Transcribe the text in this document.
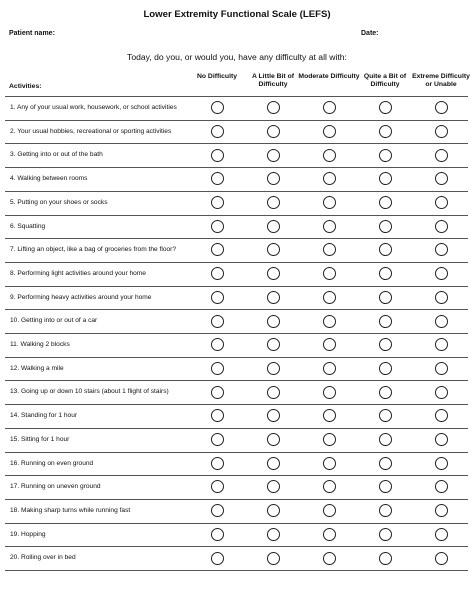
Lower Extremity Functional Scale (LEFS)
Patient name:	Date:
Today, do you, or would you, have any difficulty at all with:
No Difficulty	A Little Bit of Difficulty
Moderate Difficulty Quite a Bit of Difficulty
Extreme Difficulty or Unable
Activities:
1. Any of your usual work, housework, or school activities
2. Your usual hobbies, recreational or sporting activities
3. Getting into or out of the bath
4. Walking between rooms
5. Putting on your shoes or socks
6. Squatting
7. Lifting an object, like a bag of groceries from the floor?
8. Performing light activities around your home
9. Performing heavy activities around your home
10. Getting into or out of a car
11. Walking 2 blocks
12. Walking a mile
13. Going up or down 10 stairs (about 1 flight of stairs)
14. Standing for 1 hour
15. Sitting for 1 hour
16. Running on even ground
17. Running on uneven ground
18. Making sharp turns while running fast
19. Hopping
20. Rolling over in bed
